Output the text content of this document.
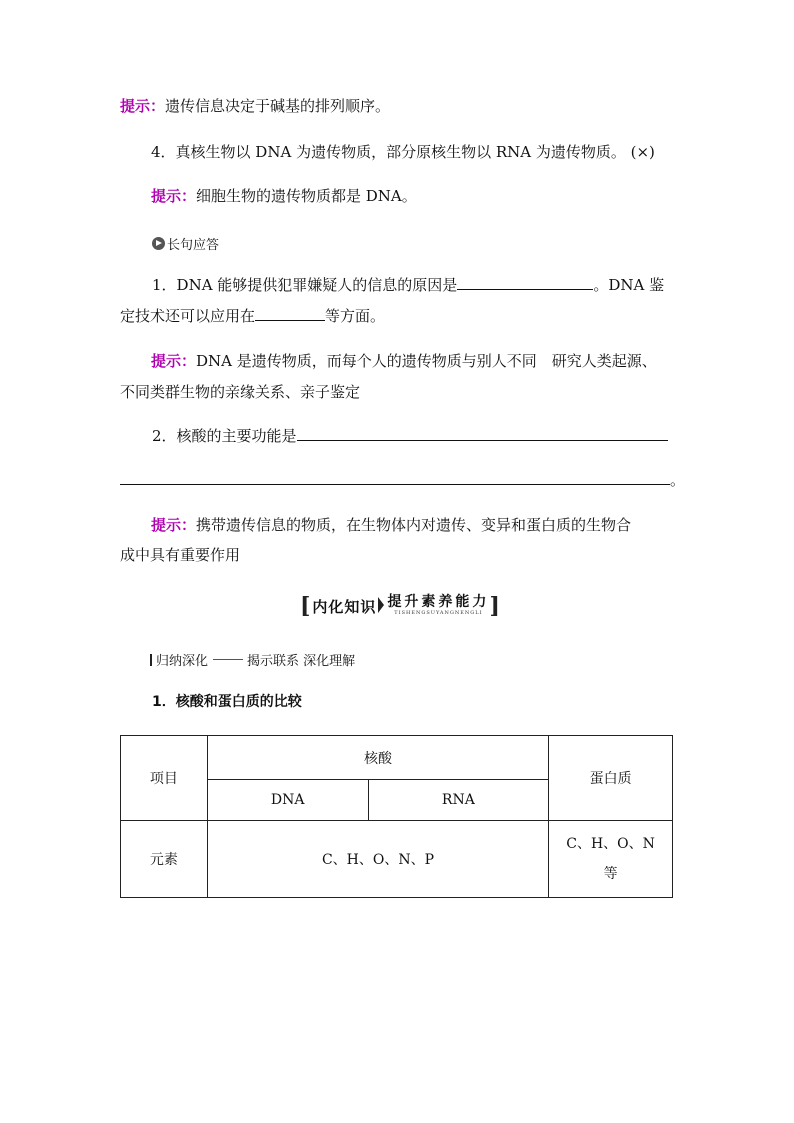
提示：遗传信息决定于碱基的排列顺序。
4．真核生物以 DNA 为遗传物质，部分原核生物以 RNA 为遗传物质。 (×)
提示：细胞生物的遗传物质都是 DNA。
长句应答
1．DNA 能够提供犯罪嫌疑人的信息的原因是	。DNA 鉴
定技术还可以应用在	等方面。
提示：DNA 是遗传物质，而每个人的遗传物质与别人不同　研究人类起源、
不同类群生物的亲缘关系、亲子鉴定
2．核酸的主要功能是
。
提示：携带遗传信息的物质，在生物体内对遗传、变异和蛋白质的生物合
成中具有重要作用
[ 内化知识 提升素养能力
TISHENGSUYANGNENGLI ]
归纳深化	揭示联系 深化理解
1．核酸和蛋白质的比较
项目	核酸		蛋白质
	DNA	RNA	
元素	C、H、O、N、P		C、H、O、N
等
